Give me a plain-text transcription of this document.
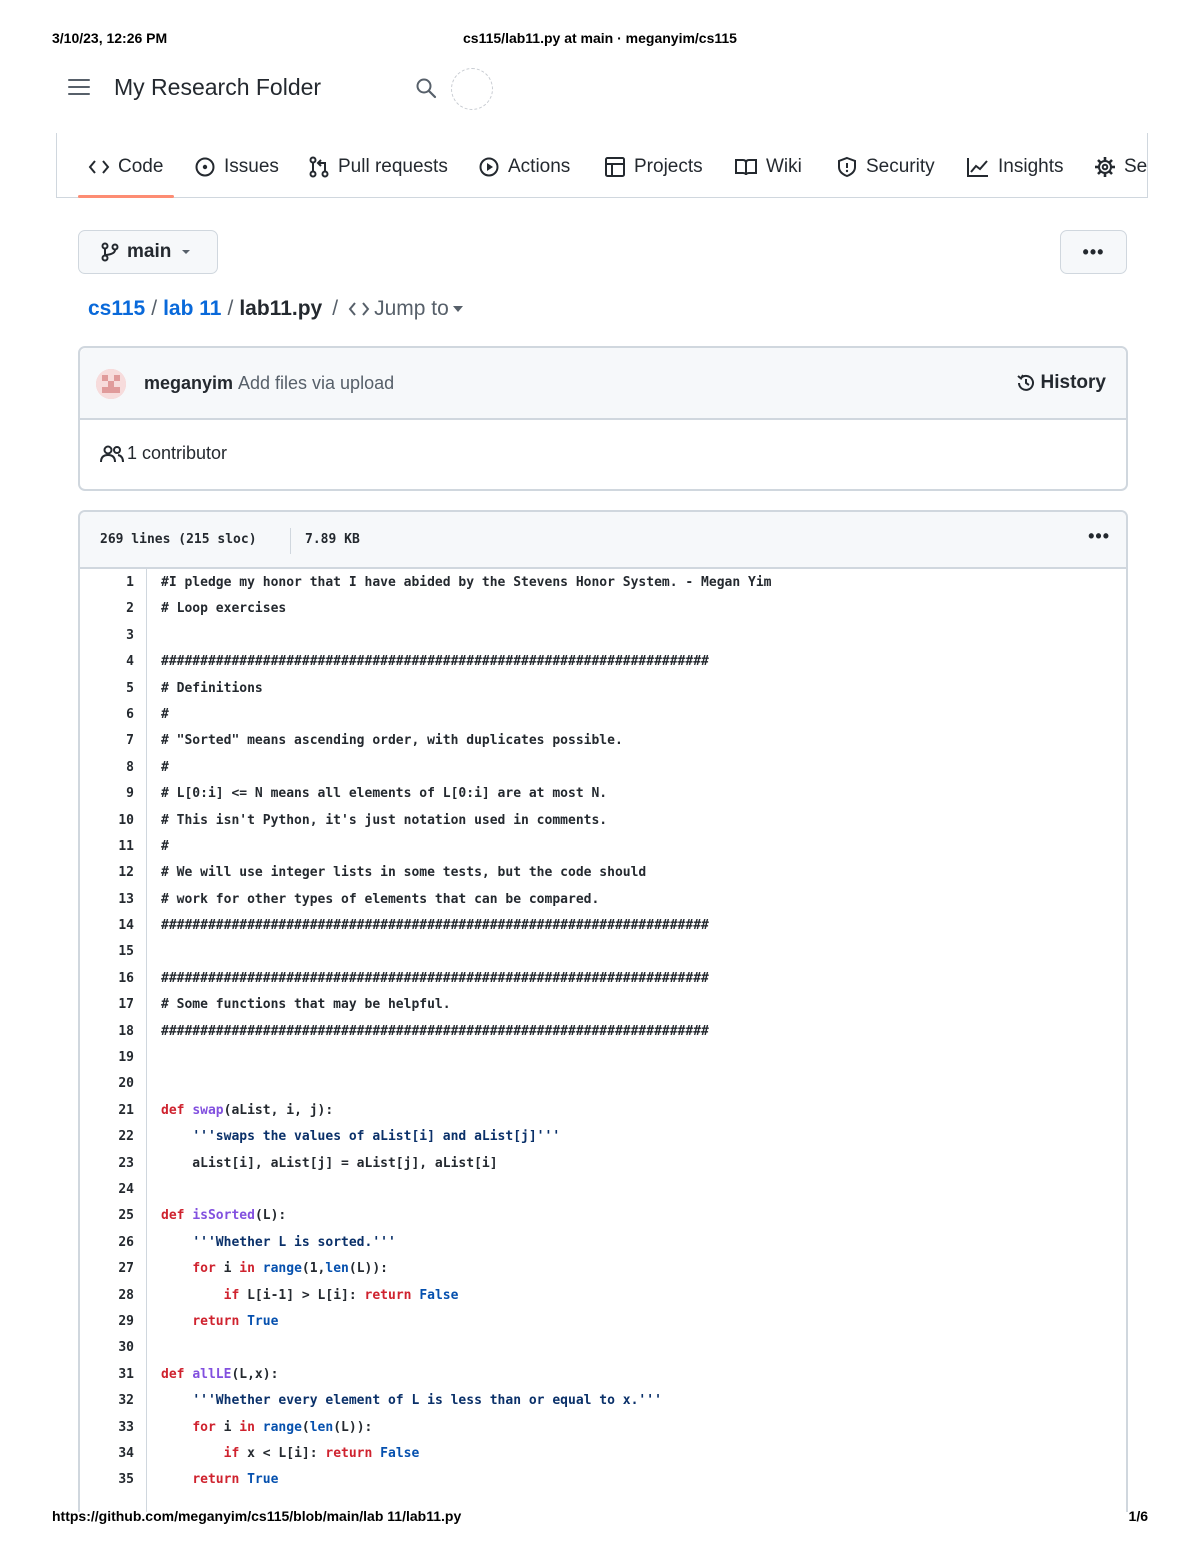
3/10/23, 12:26 PM	cs115/lab11.py at main · meganyim/cs115
My Research Folder
Code	Issues	Pull requests	Actions	Projects	Wiki	Security	Insights	Se
main	•••
cs115 / lab 11 / lab11.py / Jump to
meganyim Add files via upload	History
1 contributor
269 lines (215 sloc)	7.89 KB	•••
1 #I pledge my honor that I have abided by the Stevens Honor System. - Megan Yim
2 # Loop exercises
3
4 ######################################################################
5 # Definitions
6 #
7 # "Sorted" means ascending order, with duplicates possible.
8 #
9 # L[0:i] <= N means all elements of L[0:i] are at most N.
10 # This isn't Python, it's just notation used in comments.
11 #
12 # We will use integer lists in some tests, but the code should
13 # work for other types of elements that can be compared.
14 ######################################################################
15
16 ######################################################################
17 # Some functions that may be helpful.
18 ######################################################################
19
20
21 def swap(aList, i, j):
22	'''swaps the values of aList[i] and aList[j]'''
23 aList[i], aList[j] = aList[j], aList[i]
24
25 def isSorted(L):
26	'''Whether L is sorted.'''
27	for i in range(1,len(L)):
28	if L[i-1] > L[i]: return False
29	return True
30
31 def allLE(L,x):
32	'''Whether every element of L is less than or equal to x.'''
33	for i in range(len(L)):
34	if x < L[i]: return False
35	return True
https://github.com/meganyim/cs115/blob/main/lab 11/lab11.py	1/6
